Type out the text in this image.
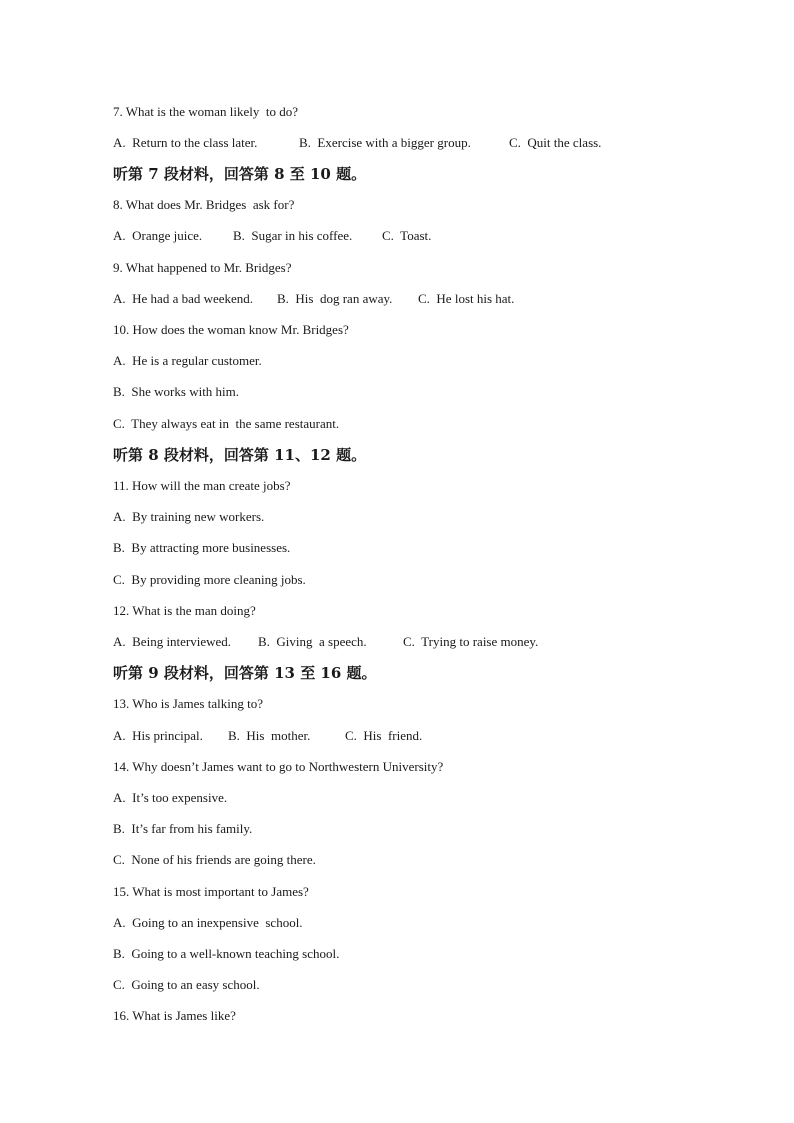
7. What is the woman likely  to do?
A.  Return to the class later.	B.  Exercise with a bigger group.	C.  Quit the class.
听第 7 段材料，回答第 8 至 10 题。
8. What does Mr. Bridges  ask for?
A.  Orange juice. B.  Sugar in his coffee. C.  Toast.
9. What happened to Mr. Bridges?
A.  He had a bad weekend. B.  His  dog ran away. C.  He lost his hat.
10. How does the woman know Mr. Bridges?
A.  He is a regular customer.
B.  She works with him.
C.  They always eat in  the same restaurant.
听第 8 段材料，回答第 11、12 题。
11. How will the man create jobs?
A.  By training new workers.
B.  By attracting more businesses.
C.  By providing more cleaning jobs.
12. What is the man doing?
A.  Being interviewed. B.  Giving  a speech.	C.  Trying to raise money.
听第 9 段材料，回答第 13 至 16 题。
13. Who is James talking to?
A.  His principal. B.  His  mother.	C.  His  friend.
14. Why doesn’t James want to go to Northwestern University?
A.  It’s too expensive.
B.  It’s far from his family.
C.  None of his friends are going there.
15. What is most important to James?
A.  Going to an inexpensive  school.
B.  Going to a well-known teaching school.
C.  Going to an easy school.
16. What is James like?
